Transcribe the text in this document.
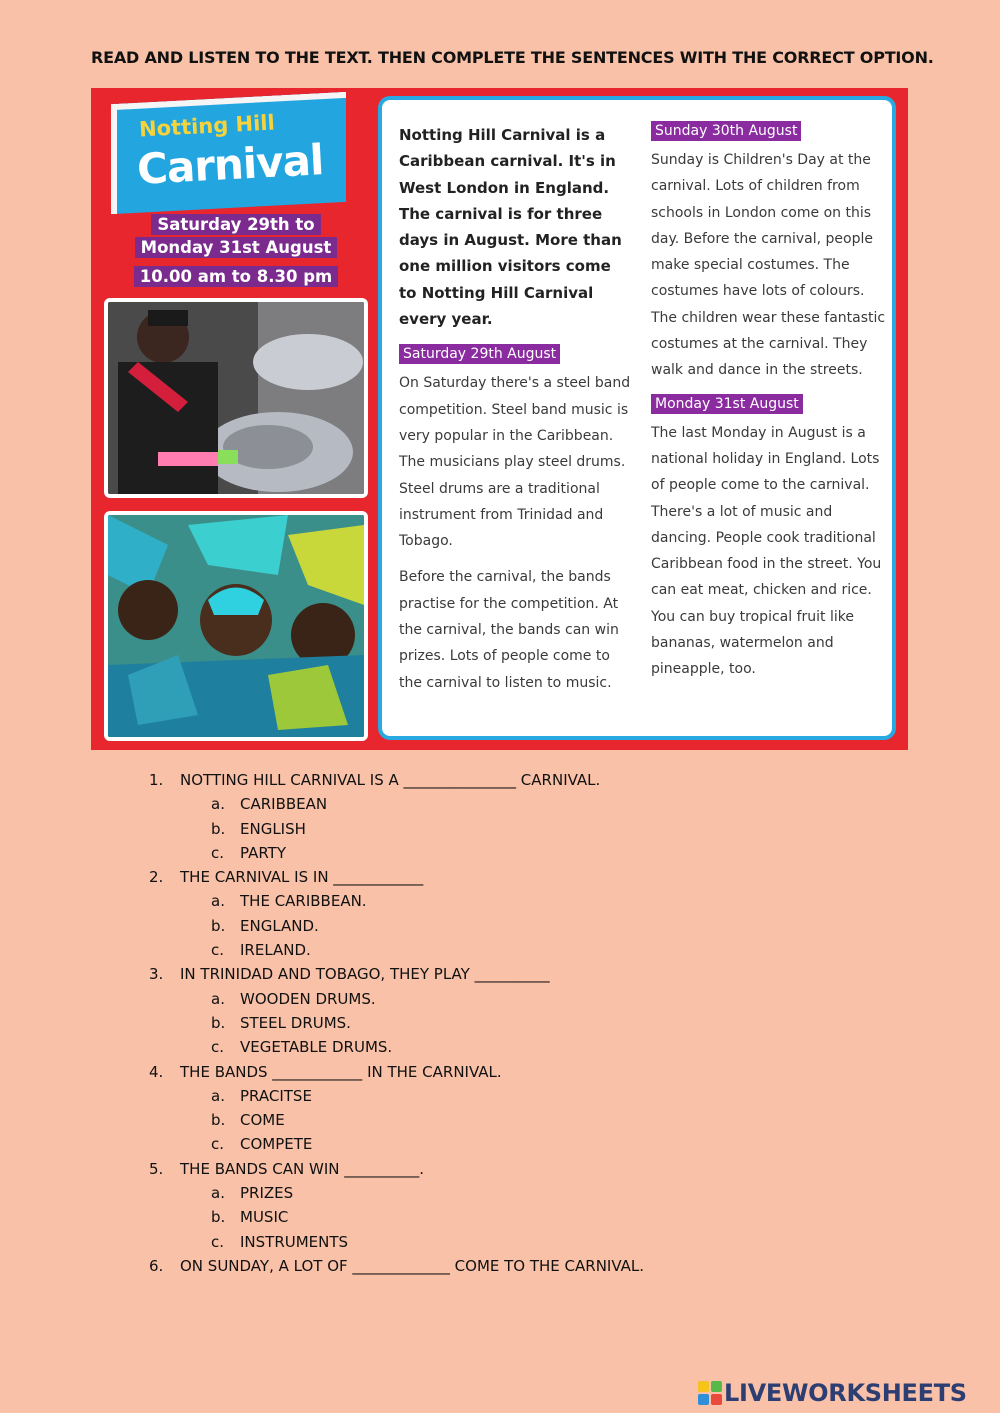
READ AND LISTEN TO THE TEXT. THEN COMPLETE THE SENTENCES WITH THE CORRECT OPTION.
Notting Hill
Carnival
Saturday 29th to
Monday 31st August
10.00 am to 8.30 pm

Notting Hill Carnival is a Caribbean carnival. It's in West London in England. The carnival is for three days in August. More than one million visitors come to Notting Hill Carnival every year.

Saturday 29th August

On Saturday there's a steel band competition. Steel band music is very popular in the Caribbean. The musicians play steel drums. Steel drums are a traditional instrument from Trinidad and Tobago.

Before the carnival, the bands practise for the competition. At the carnival, the bands can win prizes. Lots of people come to the carnival to listen to music.

Sunday 30th August

Sunday is Children's Day at the carnival. Lots of children from schools in London come on this day. Before the carnival, people make special costumes. The costumes have lots of colours. The children wear these fantastic costumes at the carnival. They walk and dance in the streets.

Monday 31st August

The last Monday in August is a national holiday in England. Lots of people come to the carnival. There's a lot of music and dancing. People cook traditional Caribbean food in the street. You can eat meat, chicken and rice. You can buy tropical fruit like bananas, watermelon and pineapple, too.

1. NOTTING HILL CARNIVAL IS A _______________ CARNIVAL.
a. CARIBBEAN
b. ENGLISH
c. PARTY
2. THE CARNIVAL IS IN ____________
a. THE CARIBBEAN.
b. ENGLAND.
c. IRELAND.
3. IN TRINIDAD AND TOBAGO, THEY PLAY __________
a. WOODEN DRUMS.
b. STEEL DRUMS.
c. VEGETABLE DRUMS.
4. THE BANDS ____________ IN THE CARNIVAL.
a. PRACITSE
b. COME
c. COMPETE
5. THE BANDS CAN WIN __________.
a. PRIZES
b. MUSIC
c. INSTRUMENTS
6. ON SUNDAY, A LOT OF _____________ COME TO THE CARNIVAL.
LIVEWORKSHEETS
